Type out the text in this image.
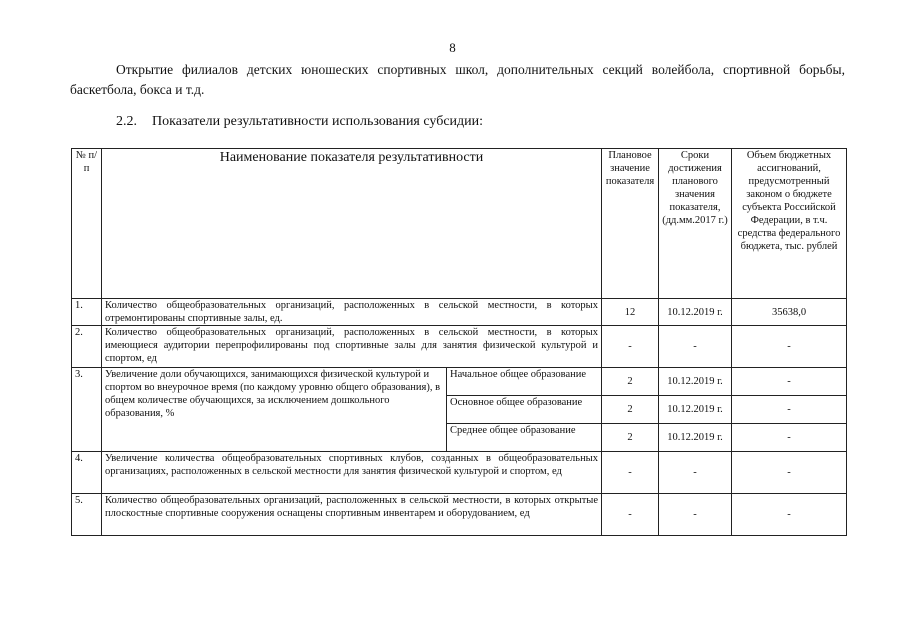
8

Открытие филиалов детских юношеских спортивных школ, дополнительных секций волейбола, спортивной борьбы, баскетбола, бокса и т.д.

2.2. Показатели результативности использования субсидии:
№ п/п	Наименование показателя результативности		Плановое значение показателя	Сроки достижения планового значения показателя, (дд.мм.2017 г.)	Объем бюджетных ассигнований, предусмотренный законом о бюджете субъекта Российской Федерации, в т.ч. средства федерального бюджета, тыс. рублей
1.	Количество общеобразовательных организаций, расположенных в сельской местности, в которых отремонтированы спортивные залы, ед.		12	10.12.2019 г.	35638,0
2.	Количество общеобразовательных организаций, расположенных в сельской местности, в которых имеющиеся аудитории перепрофилированы под спортивные залы для занятия физической культурой и спортом, ед		-	-	-
3.	Увеличение доли обучающихся, занимающихся физической культурой и спортом во внеурочное время (по каждому уровню общего образования), в общем количестве обучающихся, за исключением дошкольного образования, %	Начальное общее образование	2	10.12.2019 г.	-
		Основное общее образование	2	10.12.2019 г.	-
		Среднее общее образование	2	10.12.2019 г.	-
4.	Увеличение количества общеобразовательных спортивных клубов, созданных в общеобразовательных организациях, расположенных в сельской местности для занятия физической культурой и спортом, ед		-	-	-
5.	Количество общеобразовательных организаций, расположенных в сельской местности, в которых открытые плоскостные спортивные сооружения оснащены спортивным инвентарем и оборудованием, ед		-	-	-
